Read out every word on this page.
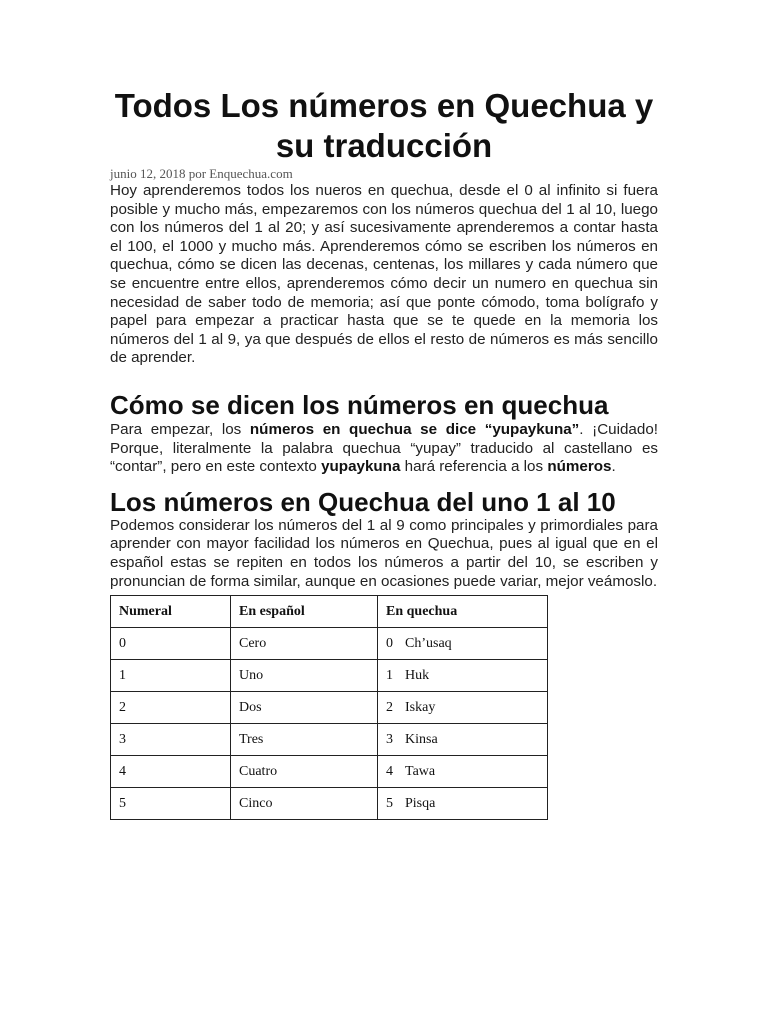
Todos Los números en Quechua y su traducción

junio 12, 2018 por Enquechua.com

Hoy aprenderemos todos los nueros en quechua, desde el 0 al infinito si fuera posible y mucho más, empezaremos con los números quechua del 1 al 10, luego con los números del 1 al 20; y así sucesivamente aprenderemos a contar hasta el 100, el 1000 y mucho más. Aprenderemos cómo se escriben los números en quechua, cómo se dicen las decenas, centenas, los millares y cada número que se encuentre entre ellos, aprenderemos cómo decir un numero en quechua sin necesidad de saber todo de memoria; así que ponte cómodo, toma bolígrafo y papel para empezar a practicar hasta que se te quede en la memoria los números del 1 al 9, ya que después de ellos el resto de números es más sencillo de aprender.

Cómo se dicen los números en quechua

Para empezar, los números en quechua se dice “yupaykuna”. ¡Cuidado! Porque, literalmente la palabra quechua “yupay” traducido al castellano es “contar”, pero en este contexto yupaykuna hará referencia a los números.

Los números en Quechua del uno 1 al 10

Podemos considerar los números del 1 al 9 como principales y primordiales para aprender con mayor facilidad los números en Quechua, pues al igual que en el español estas se repiten en todos los números a partir del 10, se escriben y pronuncian de forma similar, aunque en ocasiones puede variar, mejor veámoslo.

Numeral	En español	En quechua
0	Cero	0 Ch’usaq
1	Uno	1 Huk
2	Dos	2 Iskay
3	Tres	3 Kinsa
4	Cuatro	4 Tawa
5	Cinco	5 Pisqa
